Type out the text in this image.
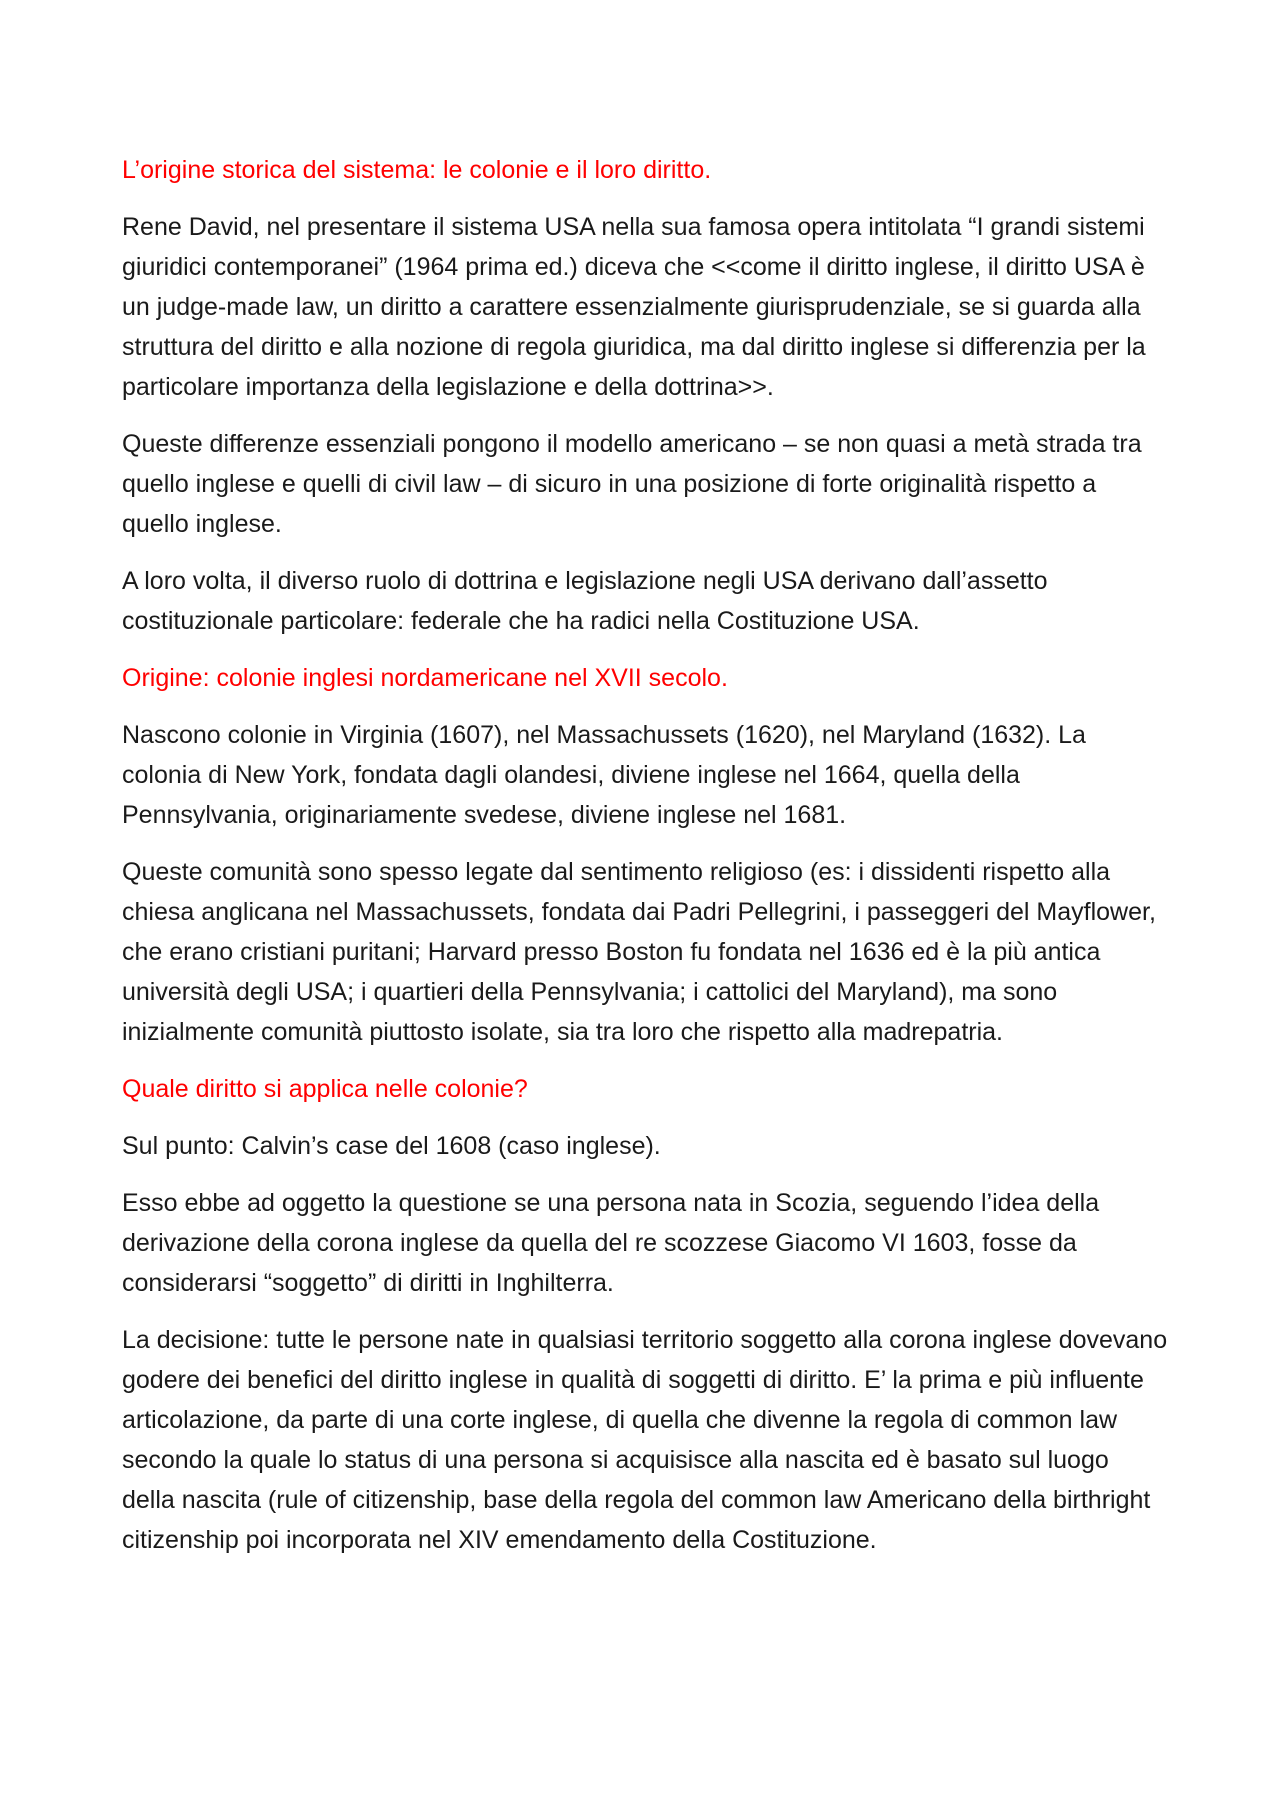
L’origine storica del sistema: le colonie e il loro diritto.

Rene David, nel presentare il sistema USA nella sua famosa opera intitolata “I grandi sistemi giuridici contemporanei” (1964 prima ed.) diceva che <<come il diritto inglese, il diritto USA è un judge-made law, un diritto a carattere essenzialmente giurisprudenziale, se si guarda alla struttura del diritto e alla nozione di regola giuridica, ma dal diritto inglese si differenzia per la particolare importanza della legislazione e della dottrina>>.

Queste differenze essenziali pongono il modello americano – se non quasi a metà strada tra quello inglese e quelli di civil law – di sicuro in una posizione di forte originalità rispetto a quello inglese.

A loro volta, il diverso ruolo di dottrina e legislazione negli USA derivano dall’assetto costituzionale particolare: federale che ha radici nella Costituzione USA.

Origine: colonie inglesi nordamericane nel XVII secolo.

Nascono colonie in Virginia (1607), nel Massachussets (1620), nel Maryland (1632). La colonia di New York, fondata dagli olandesi, diviene inglese nel 1664, quella della Pennsylvania, originariamente svedese, diviene inglese nel 1681.

Queste comunità sono spesso legate dal sentimento religioso (es: i dissidenti rispetto alla chiesa anglicana nel Massachussets, fondata dai Padri Pellegrini, i passeggeri del Mayflower, che erano cristiani puritani; Harvard presso Boston fu fondata nel 1636 ed è la più antica università degli USA; i quartieri della Pennsylvania; i cattolici del Maryland), ma sono inizialmente comunità piuttosto isolate, sia tra loro che rispetto alla madrepatria.

Quale diritto si applica nelle colonie?

Sul punto: Calvin’s case del 1608 (caso inglese).

Esso ebbe ad oggetto la questione se una persona nata in Scozia, seguendo l’idea della derivazione della corona inglese da quella del re scozzese Giacomo VI 1603, fosse da considerarsi “soggetto” di diritti in Inghilterra.

La decisione: tutte le persone nate in qualsiasi territorio soggetto alla corona inglese dovevano godere dei benefici del diritto inglese in qualità di soggetti di diritto. E’ la prima e più influente articolazione, da parte di una corte inglese, di quella che divenne la regola di common law secondo la quale lo status di una persona si acquisisce alla nascita ed è basato sul luogo della nascita (rule of citizenship, base della regola del common law Americano della birthright citizenship poi incorporata nel XIV emendamento della Costituzione.
